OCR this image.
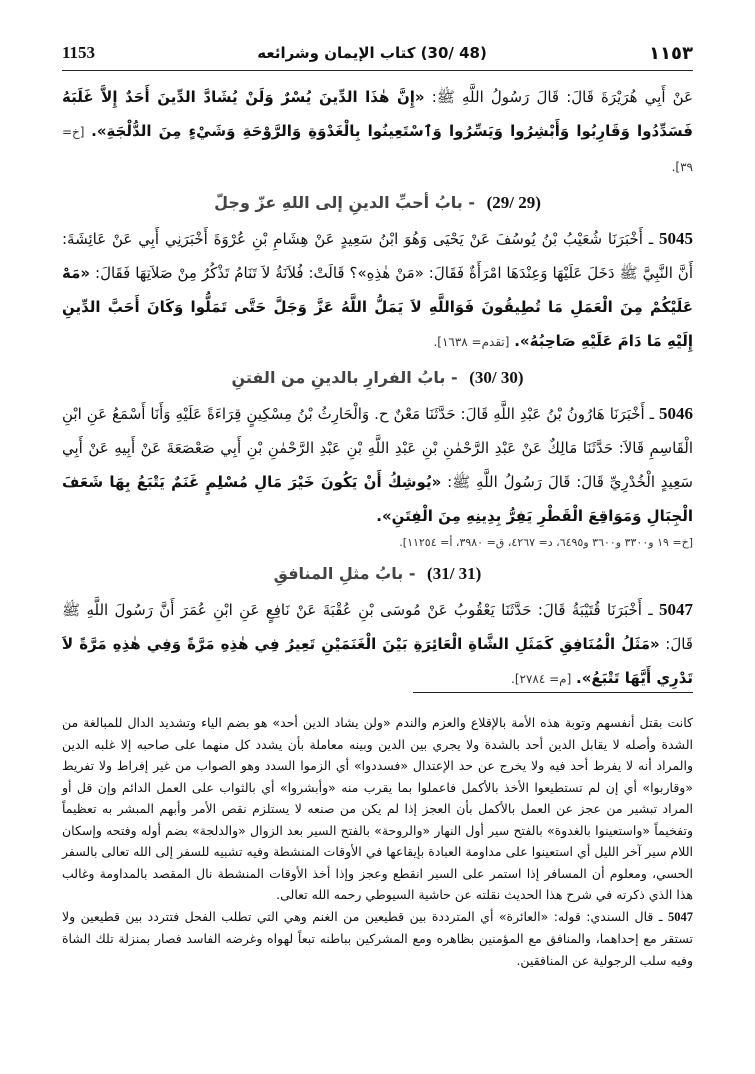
1153	(48 /30) كتاب الإيمان وشرائعه	١١٥٣

عَنْ أَبِي هُرَيْرَةَ قَالَ: قَالَ رَسُولُ اللَّهِ ﷺ: «إِنَّ هٰذَا الدِّينَ يُسْرٌ وَلَنْ يُشَادَّ الدِّينَ أَحَدٌ إِلاَّ غَلَبَهُ فَسَدِّدُوا وَقَارِبُوا وَأَبْشِرُوا وَيَسِّرُوا وَٱسْتَعِينُوا بِالْغَدْوَةِ وَالرَّوْحَةِ وَشَيْءٍ مِنَ الدُّلْجَةِ». [خ= ٣٩].

(29/ 29) - بابُ أحبِّ الدينِ إلى اللهِ عزّ وجلّ

5045 ـ أَخْبَرَنَا شُعَيْبُ بْنُ يُوسُفَ عَنْ يَحْيَى وَهُوَ ابْنُ سَعِيدٍ عَنْ هِشَامِ بْنِ عُرْوَةَ أَخْبَرَنِي أَبِي عَنْ عَائِشَةَ: أَنَّ النَّبِيَّ ﷺ دَخَلَ عَلَيْهَا وَعِنْدَهَا امْرَأَةٌ فَقَالَ: «مَنْ هٰذِهِ»؟ قَالَتْ: فُلاَنَةُ لاَ تَنَامُ تَذْكُرُ مِنْ صَلاَتِهَا فَقَالَ: «مَهْ عَلَيْكُمْ مِنَ الْعَمَلِ مَا تُطِيقُونَ فَوَاللَّهِ لاَ يَمَلُّ اللَّهُ عَزَّ وَجَلَّ حَتَّى تَمَلُّوا وَكَانَ أَحَبَّ الدِّينِ إِلَيْهِ مَا دَامَ عَلَيْهِ صَاحِبُهُ». [تقدم= ١٦٣٨].

(30/ 30) - بابُ الفرارِ بالدينِ من الفتنِ

5046 ـ أَخْبَرَنَا هَارُونُ بْنُ عَبْدِ اللَّهِ قَالَ: حَدَّثَنَا مَعْنٌ ح. وَالْحَارِثُ بْنُ مِسْكِينٍ قِرَاءَةً عَلَيْهِ وَأَنَا أَسْمَعُ عَنِ ابْنِ الْقَاسِمِ قَالاَ: حَدَّثَنَا مَالِكٌ عَنْ عَبْدِ الرَّحْمٰنِ بْنِ عَبْدِ اللَّهِ بْنِ عَبْدِ الرَّحْمٰنِ بْنِ أَبِي صَعْصَعَةَ عَنْ أَبِيهِ عَنْ أَبِي سَعِيدٍ الْخُدْرِيِّ قَالَ: قَالَ رَسُولُ اللَّهِ ﷺ: «يُوشِكُ أَنْ يَكُونَ خَيْرَ مَالِ مُسْلِمٍ غَنَمٌ يَتْبَعُ بِهَا شَعَفَ الْجِبَالِ وَمَوَاقِعَ الْقَطْرِ يَفِرُّ بِدِينِهِ مِنَ الْفِتَنِ».

[خ= ١٩ و٣٣٠٠ و٣٦٠٠ و٦٤٩٥، د= ٤٢٦٧، ق= ٣٩٨٠، أ= ١١٢٥٤].

(31/ 31) - بابُ مثلِ المنافقِ

5047 ـ أَخْبَرَنَا قُتَيْبَةُ قَالَ: حَدَّثَنَا يَعْقُوبُ عَنْ مُوسَى بْنِ عُقْبَةَ عَنْ نَافِعٍ عَنِ ابْنِ عُمَرَ أَنَّ رَسُولَ اللَّهِ ﷺ قَالَ: «مَثَلُ الْمُنَافِقِ كَمَثَلِ الشَّاةِ الْعَائِرَةِ بَيْنَ الْغَنَمَيْنِ تَعِيرُ فِي هٰذِهِ مَرَّةً وَفِي هٰذِهِ مَرَّةً لاَ تَدْرِي أَيَّهَا تَتْبَعُ». [م= ٢٧٨٤].

كانت بقتل أنفسهم وتوبة هذه الأمة بالإقلاع والعزم والندم «ولن يشاد الدين أحد» هو بضم الياء وتشديد الدال للمبالغة من الشدة وأصله لا يقابل الدين أحد بالشدة ولا يجري بين الدين وبينه معاملة بأن يشدد كل منهما على صاحبه إلا غلبه الدين والمراد أنه لا يفرط أحد فيه ولا يخرج عن حد الإعتدال «فسددوا» أي الزموا السدد وهو الصواب من غير إفراط ولا تفريط «وقاربوا» أي إن لم تستطيعوا الأخذ بالأكمل فاعملوا بما يقرب منه «وأبشروا» أي بالثواب على العمل الدائم وإن قل أو المراد تبشير من عجز عن العمل بالأكمل بأن العجز إذا لم يكن من صنعه لا يستلزم نقص الأمر وأبهم المبشر به تعظيماً وتفخيماً «واستعينوا بالغدوة» بالفتح سير أول النهار «والروحة» بالفتح السير بعد الزوال «والدلجة» بضم أوله وفتحه وإسكان اللام سير آخر الليل أي استعينوا على مداومة العبادة بإيقاعها في الأوقات المنشطة وفيه تشبيه للسفر إلى الله تعالى بالسفر الحسي، ومعلوم أن المسافر إذا استمر على السير انقطع وعجز وإذا أخذ الأوقات المنشطة نال المقصد بالمداومة وغالب هذا الذي ذكرته في شرح هذا الحديث نقلته عن حاشية السيوطي رحمه الله تعالى.

5047 ـ قال السندي: قوله: «العائرة» أي المترددة بين قطيعين من الغنم وهي التي تطلب الفحل فتتردد بين قطيعين ولا تستقر مع إحداهما، والمنافق مع المؤمنين بظاهره ومع المشركين بباطنه تبعاً لهواه وغرضه الفاسد فصار بمنزلة تلك الشاة وفيه سلب الرجولية عن المنافقين.
